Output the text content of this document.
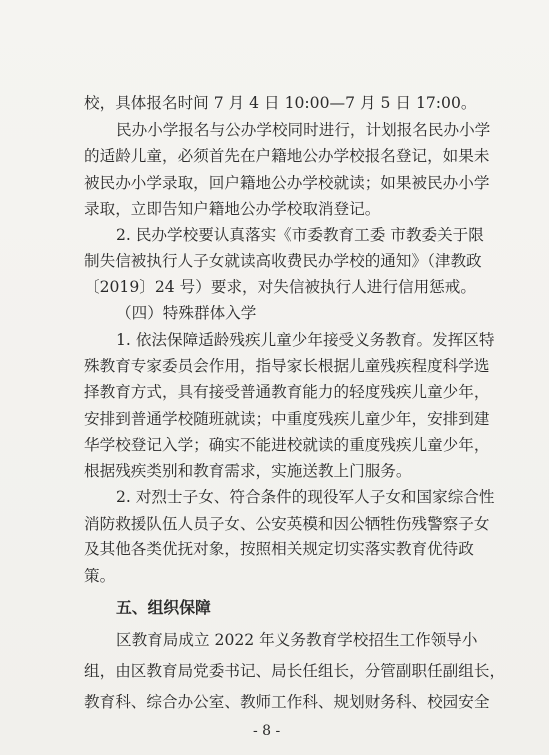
- 8 -
校，具体报名时间 7 月 4 日 10:00—7 月 5 日 17:00。
民办小学报名与公办学校同时进行，计划报名民办小学
的适龄儿童，必须首先在户籍地公办学校报名登记，如果未
被民办小学录取，回户籍地公办学校就读；如果被民办小学
录取，立即告知户籍地公办学校取消登记。
2. 民办学校要认真落实《市委教育工委 市教委关于限
制失信被执行人子女就读高收费民办学校的通知》（津教政
〔2019〕24 号）要求，对失信被执行人进行信用惩戒。
（四）特殊群体入学
1. 依法保障适龄残疾儿童少年接受义务教育。发挥区特
殊教育专家委员会作用，指导家长根据儿童残疾程度科学选
择教育方式，具有接受普通教育能力的轻度残疾儿童少年，
安排到普通学校随班就读；中重度残疾儿童少年，安排到建
华学校登记入学；确实不能进校就读的重度残疾儿童少年，
根据残疾类别和教育需求，实施送教上门服务。
2. 对烈士子女、符合条件的现役军人子女和国家综合性
消防救援队伍人员子女、公安英模和因公牺牲伤残警察子女
及其他各类优抚对象，按照相关规定切实落实教育优待政
策。
五、组织保障
区教育局成立 2022 年义务教育学校招生工作领导小
组，由区教育局党委书记、局长任组长，分管副职任副组长，
教育科、综合办公室、教师工作科、规划财务科、校园安全
